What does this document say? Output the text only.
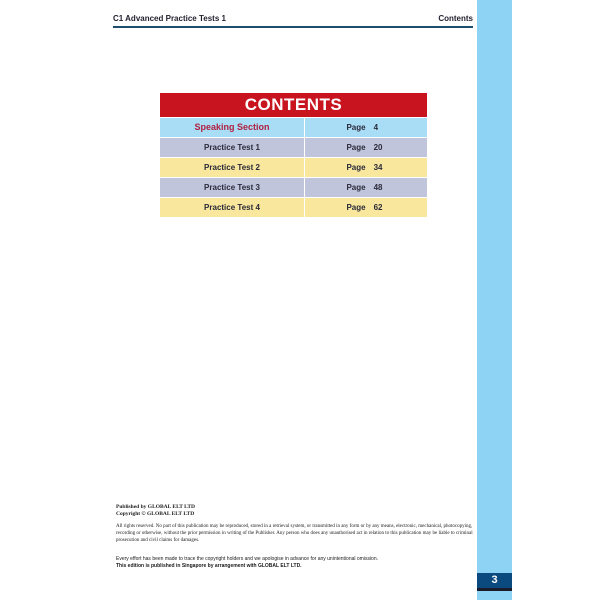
C1 Advanced Practice Tests 1	Contents
CONTENTS
Speaking Section	Page 4
Practice Test 1	Page 20
Practice Test 2	Page 34
Practice Test 3	Page 48
Practice Test 4	Page 62
Published by GLOBAL ELT LTD
Copyright © GLOBAL ELT LTD
All rights reserved. No part of this publication may be reproduced, stored in a retrieval system, or transmitted in any form or by any means, electronic, mechanical, photocopying, recording or otherwise, without the prior permission in writing of the Publisher. Any person who does any unauthorised act in relation to this publication may be liable to criminal prosecution and civil claims for damages.
Every effort has been made to trace the copyright holders and we apologise in advance for any unintentional omission.
This edition is published in Singapore by arrangement with GLOBAL ELT LTD.
3
